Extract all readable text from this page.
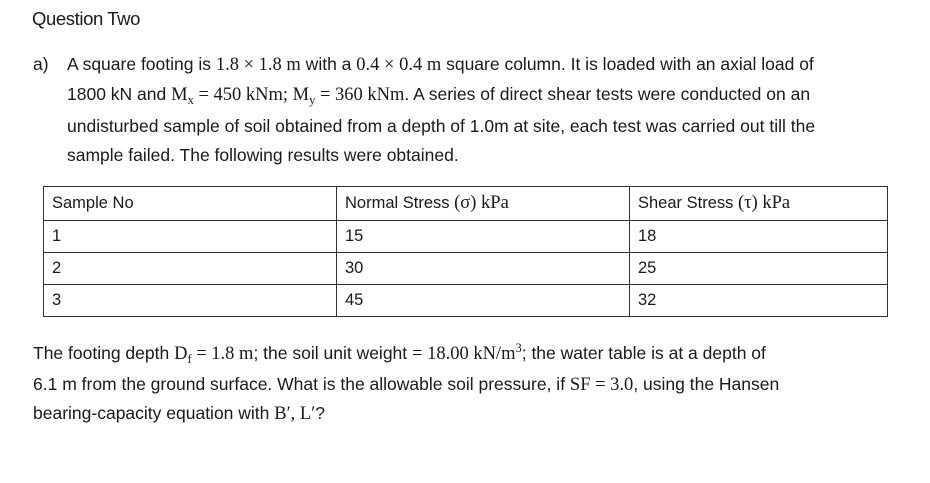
Question Two
a) A square footing is 1.8 × 1.8 m with a 0.4 × 0.4 m square column. It is loaded with an axial load of
1800 kN and $M_x = 450$ kNm; $M_y = 360$ kNm. A series of direct shear tests were conducted on an
undisturbed sample of soil obtained from a depth of 1.0m at site, each test was carried out till the
sample failed. The following results were obtained.
Sample No	Normal Stress (σ) kPa	Shear Stress (τ) kPa
1	15	18
2	30	25
3	45	32
The footing depth $D_f = 1.8$ m; the soil unit weight = 18.00 $kN/m^3$; the water table is at a depth of
6.1 m from the ground surface. What is the allowable soil pressure, if SF = 3.0, using the Hansen
bearing-capacity equation with B′, L′?
